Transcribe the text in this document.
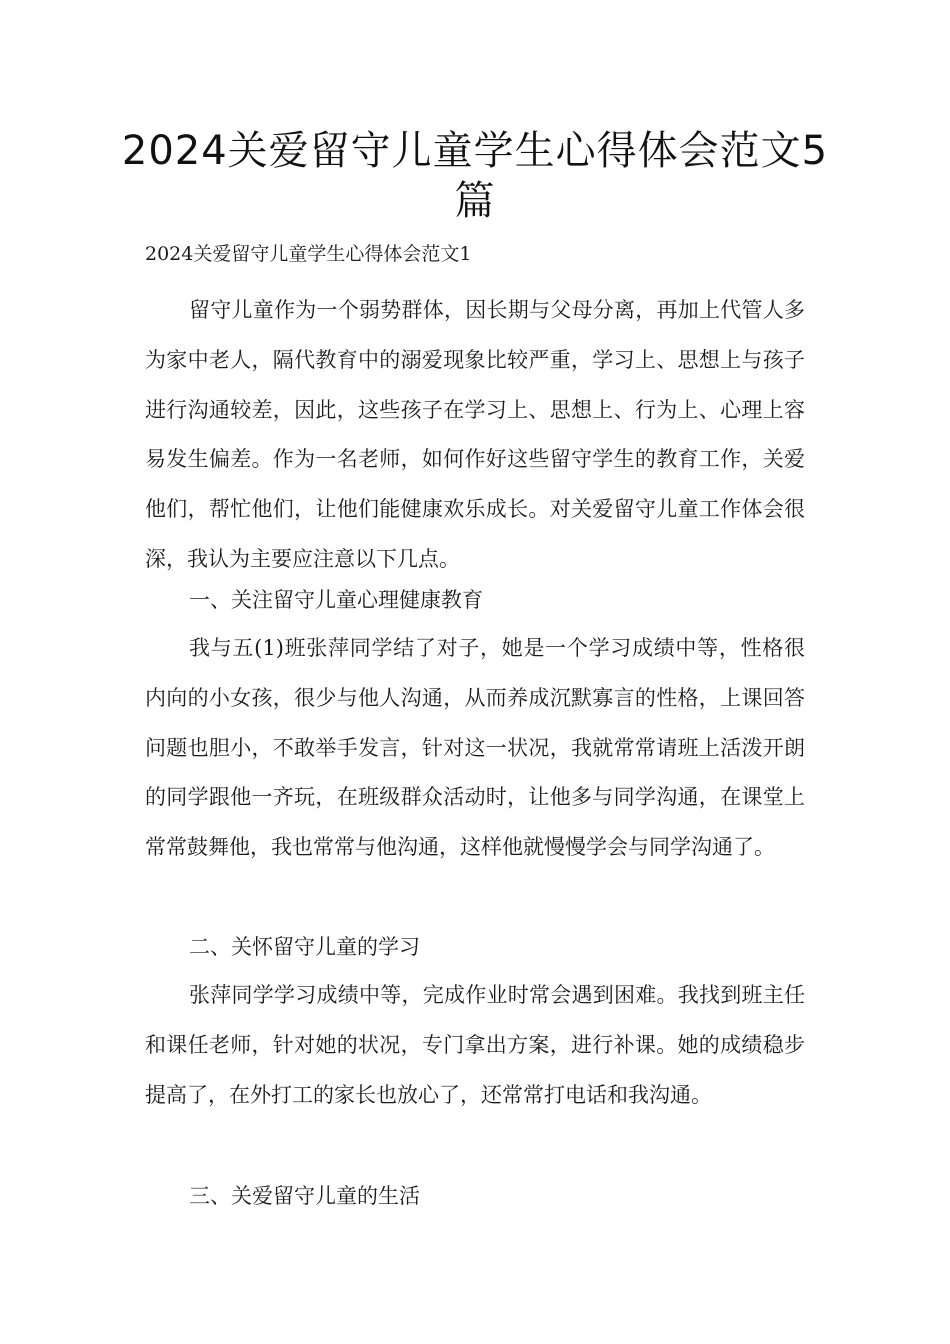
2024关爱留守儿童学生心得体会范文5篇

2024关爱留守儿童学生心得体会范文1

留守儿童作为一个弱势群体，因长期与父母分离，再加上代管人多为家中老人，隔代教育中的溺爱现象比较严重，学习上、思想上与孩子进行沟通较差，因此，这些孩子在学习上、思想上、行为上、心理上容易发生偏差。作为一名老师，如何作好这些留守学生的教育工作，关爱他们，帮忙他们，让他们能健康欢乐成长。对关爱留守儿童工作体会很深，我认为主要应注意以下几点。

一、关注留守儿童心理健康教育

我与五(1)班张萍同学结了对子，她是一个学习成绩中等，性格很内向的小女孩，很少与他人沟通，从而养成沉默寡言的性格，上课回答问题也胆小，不敢举手发言，针对这一状况，我就常常请班上活泼开朗的同学跟他一齐玩，在班级群众活动时，让他多与同学沟通，在课堂上常常鼓舞他，我也常常与他沟通，这样他就慢慢学会与同学沟通了。

二、关怀留守儿童的学习

张萍同学学习成绩中等，完成作业时常会遇到困难。我找到班主任和课任老师，针对她的状况，专门拿出方案，进行补课。她的成绩稳步提高了，在外打工的家长也放心了，还常常打电话和我沟通。

三、关爱留守儿童的生活
